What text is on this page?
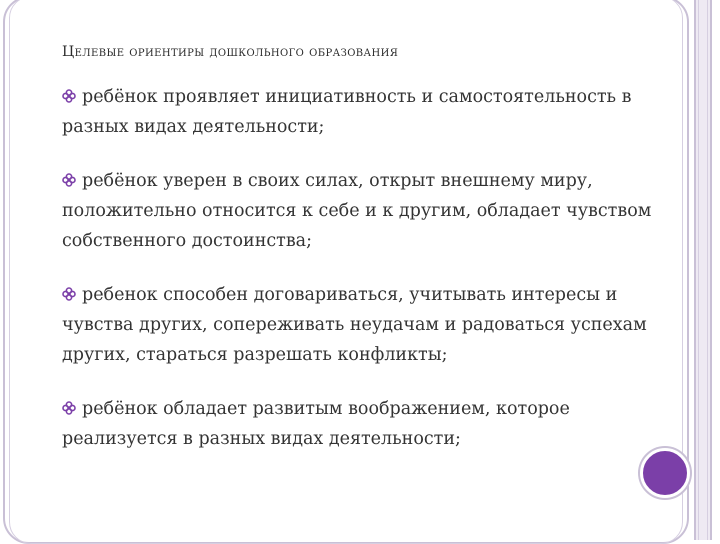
Целевые ориентиры дошкольного образования
ребёнок проявляет инициативность и самостоятельность в разных видах деятельности;
ребёнок уверен в своих силах, открыт внешнему миру, положительно относится к себе и к другим, обладает чувством собственного достоинства;
ребенок способен договариваться, учитывать интересы и чувства других, сопереживать неудачам и радоваться успехам других, стараться разрешать конфликты;
ребёнок обладает развитым воображением, которое реализуется в разных видах деятельности;
